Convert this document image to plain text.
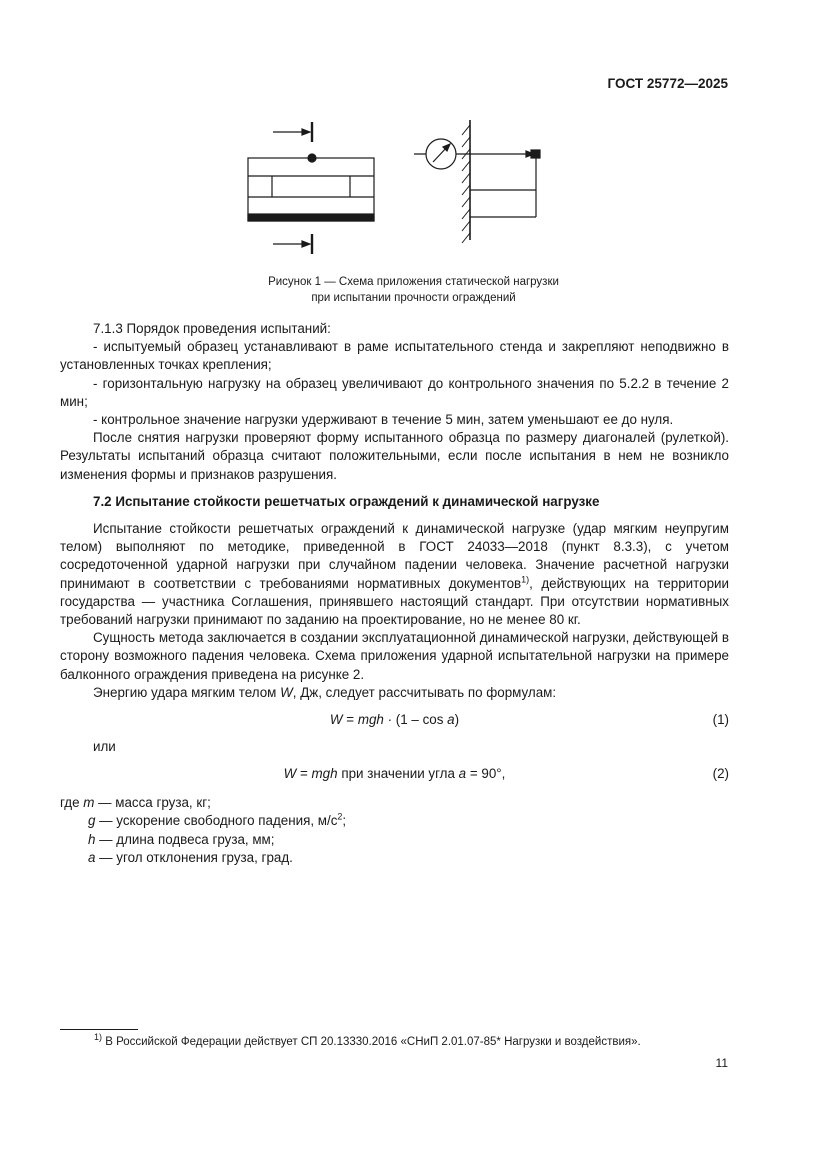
ГОСТ 25772—2025
Рисунок 1 — Схема приложения статической нагрузки
при испытании прочности ограждений

7.1.3 Порядок проведения испытаний:

- испытуемый образец устанавливают в раме испытательного стенда и закрепляют неподвижно в установленных точках крепления;

- горизонтальную нагрузку на образец увеличивают до контрольного значения по 5.2.2 в течение 2 мин;

- контрольное значение нагрузки удерживают в течение 5 мин, затем уменьшают ее до нуля.

После снятия нагрузки проверяют форму испытанного образца по размеру диагоналей (рулеткой). Результаты испытаний образца считают положительными, если после испытания в нем не возникло изменения формы и признаков разрушения.

7.2 Испытание стойкости решетчатых ограждений к динамической нагрузке

Испытание стойкости решетчатых ограждений к динамической нагрузке (удар мягким неупругим телом) выполняют по методике, приведенной в ГОСТ 24033—2018 (пункт 8.3.3), с учетом сосредоточенной ударной нагрузки при случайном падении человека. Значение расчетной нагрузки принимают в соответствии с требованиями нормативных документов$^{1)}$, действующих на территории государства — участника Соглашения, принявшего настоящий стандарт. При отсутствии нормативных требований нагрузки принимают по заданию на проектирование, но не менее 80 кг.

Сущность метода заключается в создании эксплуатационной динамической нагрузки, действующей в сторону возможного падения человека. Схема приложения ударной испытательной нагрузки на примере балконного ограждения приведена на рисунке 2.

Энергию удара мягким телом W, Дж, следует рассчитывать по формулам:

W = mgh · (1 – cos a)	(1)

или

W = mgh при значении угла a = 90°,	(2)

где m — масса груза, кг;

g — ускорение свободного падения, $м/с^2$;

h — длина подвеса груза, мм;

a — угол отклонения груза, град.

$^{1)}$ В Российской Федерации действует СП 20.13330.2016 «СНиП 2.01.07-85* Нагрузки и воздействия».
11
